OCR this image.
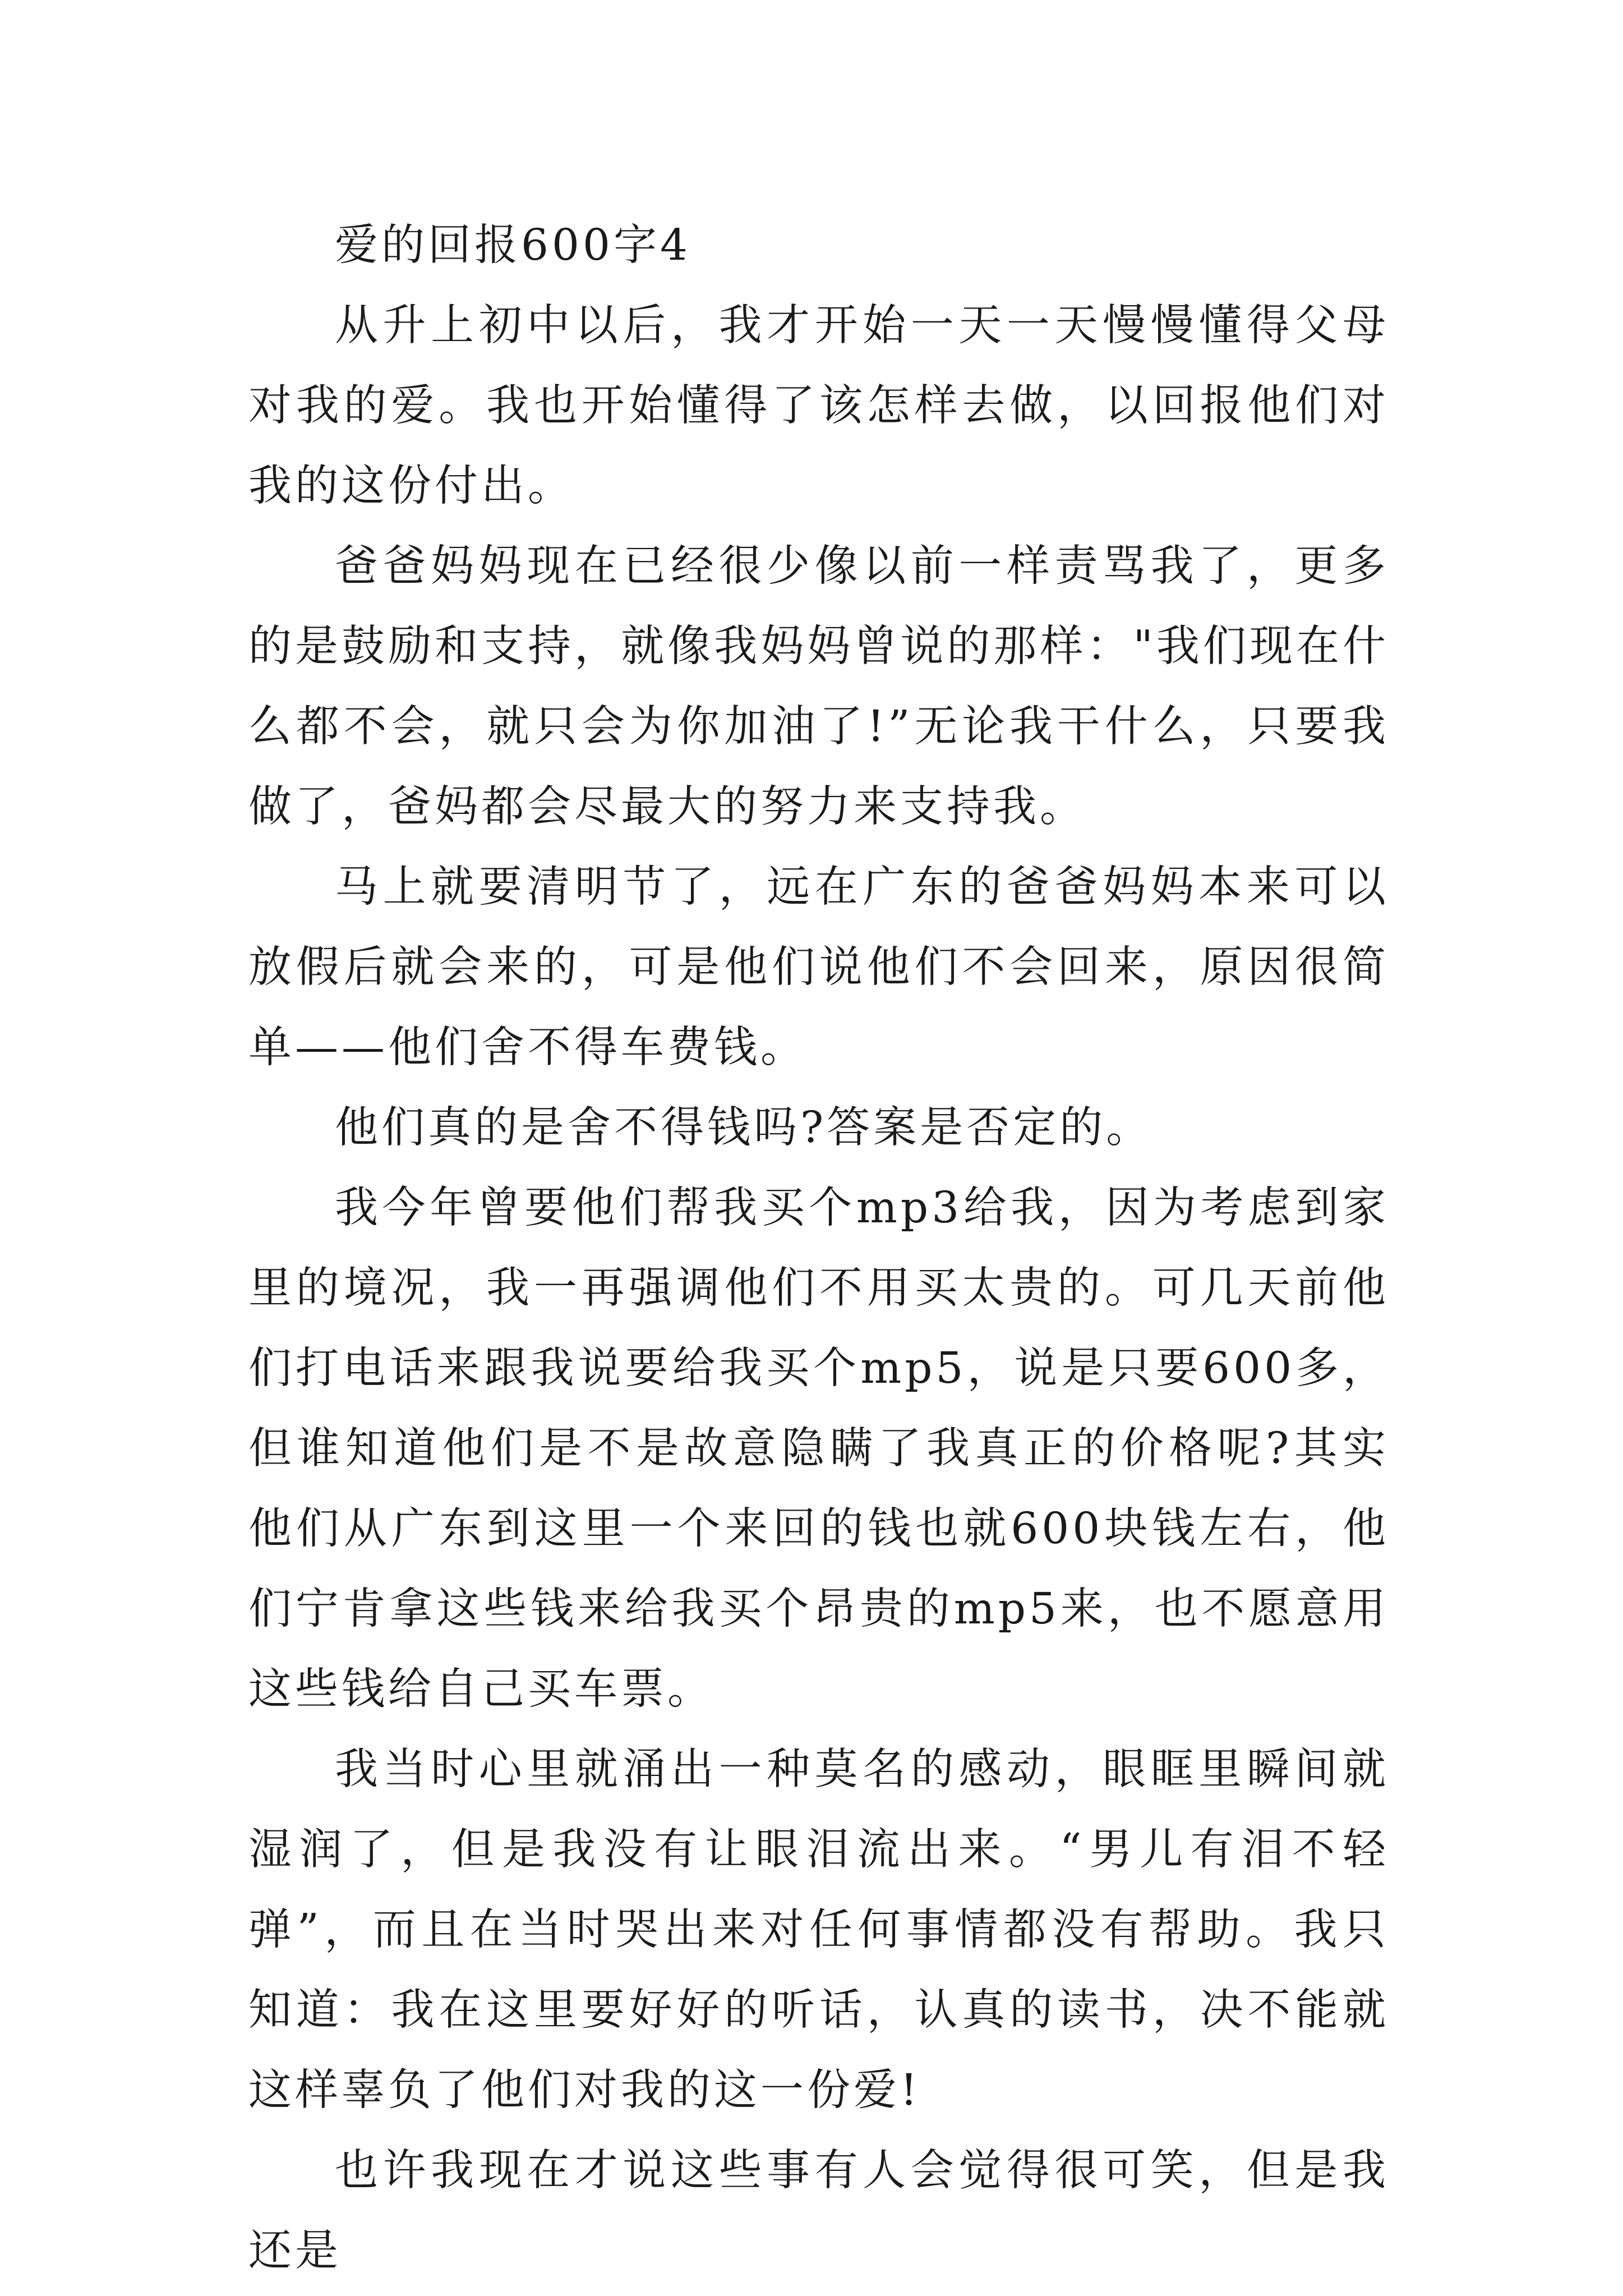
爱的回报600字4

从升上初中以后，我才开始一天一天慢慢懂得父母对我的爱。我也开始懂得了该怎样去做，以回报他们对我的这份付出。

爸爸妈妈现在已经很少像以前一样责骂我了，更多的是鼓励和支持，就像我妈妈曾说的那样："我们现在什么都不会，就只会为你加油了!”无论我干什么，只要我做了，爸妈都会尽最大的努力来支持我。

马上就要清明节了，远在广东的爸爸妈妈本来可以放假后就会来的，可是他们说他们不会回来，原因很简单——他们舍不得车费钱。

他们真的是舍不得钱吗?答案是否定的。

我今年曾要他们帮我买个mp3给我，因为考虑到家里的境况，我一再强调他们不用买太贵的。可几天前他们打电话来跟我说要给我买个mp5，说是只要600多，但谁知道他们是不是故意隐瞒了我真正的价格呢?其实他们从广东到这里一个来回的钱也就600块钱左右，他们宁肯拿这些钱来给我买个昂贵的mp5来，也不愿意用这些钱给自己买车票。

我当时心里就涌出一种莫名的感动，眼眶里瞬间就湿润了，但是我没有让眼泪流出来。“男儿有泪不轻弹”，而且在当时哭出来对任何事情都没有帮助。我只知道：我在这里要好好的听话，认真的读书，决不能就这样辜负了他们对我的这一份爱!

也许我现在才说这些事有人会觉得很可笑，但是我还是
